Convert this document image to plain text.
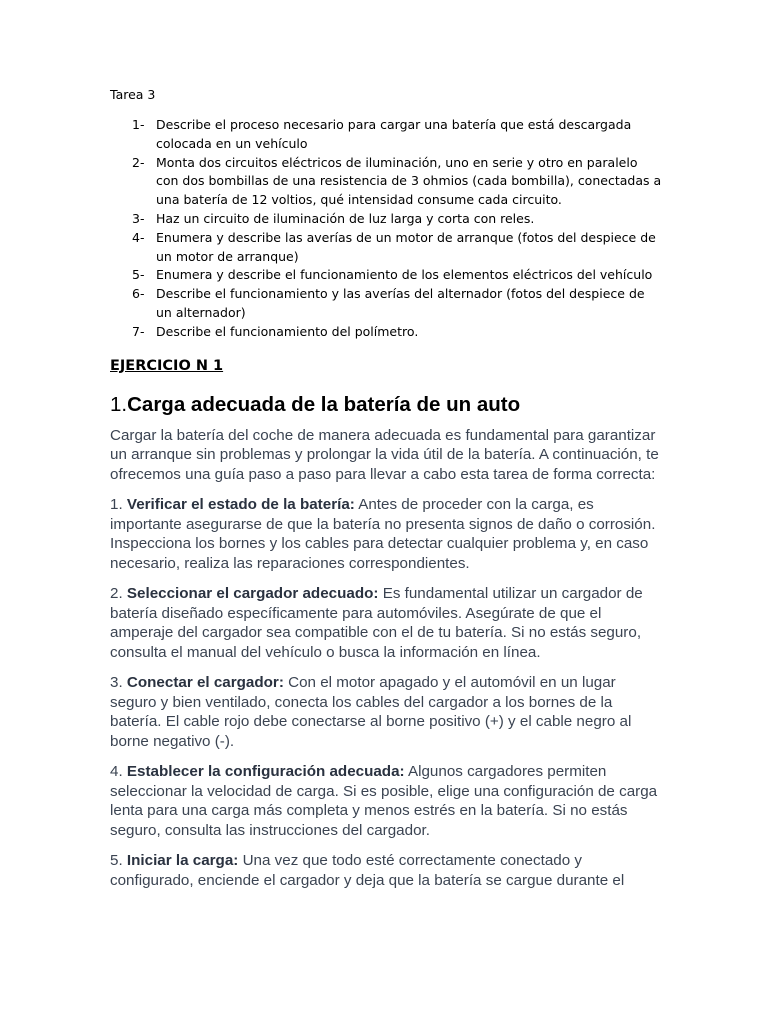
Tarea 3

1- Describe el proceso necesario para cargar una batería que está descargada colocada en un vehículo
2- Monta dos circuitos eléctricos de iluminación, uno en serie y otro en paralelo con dos bombillas de una resistencia de 3 ohmios (cada bombilla), conectadas a una batería de 12 voltios, qué intensidad consume cada circuito.
3- Haz un circuito de iluminación de luz larga y corta con reles.
4- Enumera y describe las averías de un motor de arranque (fotos del despiece de un motor de arranque)
5- Enumera y describe el funcionamiento de los elementos eléctricos del vehículo
6- Describe el funcionamiento y las averías del alternador (fotos del despiece de un alternador)
7- Describe el funcionamiento del polímetro.

EJERCICIO N 1

1.Carga adecuada de la batería de un auto

Cargar la batería del coche de manera adecuada es fundamental para garantizar un arranque sin problemas y prolongar la vida útil de la batería. A continuación, te ofrecemos una guía paso a paso para llevar a cabo esta tarea de forma correcta:

1. Verificar el estado de la batería: Antes de proceder con la carga, es importante asegurarse de que la batería no presenta signos de daño o corrosión. Inspecciona los bornes y los cables para detectar cualquier problema y, en caso necesario, realiza las reparaciones correspondientes.

2. Seleccionar el cargador adecuado: Es fundamental utilizar un cargador de batería diseñado específicamente para automóviles. Asegúrate de que el amperaje del cargador sea compatible con el de tu batería. Si no estás seguro, consulta el manual del vehículo o busca la información en línea.

3. Conectar el cargador: Con el motor apagado y el automóvil en un lugar seguro y bien ventilado, conecta los cables del cargador a los bornes de la batería. El cable rojo debe conectarse al borne positivo (+) y el cable negro al borne negativo (-).

4. Establecer la configuración adecuada: Algunos cargadores permiten seleccionar la velocidad de carga. Si es posible, elige una configuración de carga lenta para una carga más completa y menos estrés en la batería. Si no estás seguro, consulta las instrucciones del cargador.

5. Iniciar la carga: Una vez que todo esté correctamente conectado y configurado, enciende el cargador y deja que la batería se cargue durante el
